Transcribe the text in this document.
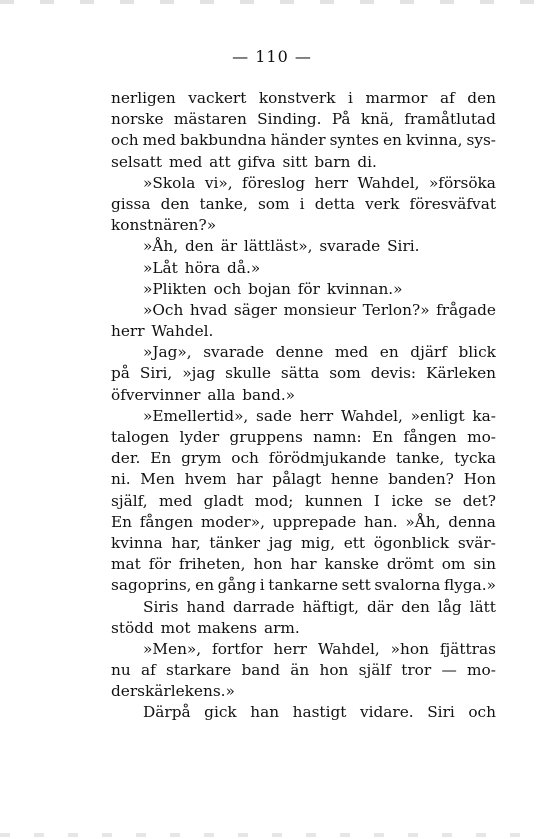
— 110 —
nerligen vackert konstverk i marmor af den
norske mästaren Sinding. På knä, framåtlutad
och med bakbundna händer syntes en kvinna, sys-
selsatt med att gifva sitt barn di.
»Skola vi», föreslog herr Wahdel, »försöka
gissa den tanke, som i detta verk föresväfvat
konstnären?»
»Åh, den är lättläst», svarade Siri.
»Låt höra då.»
»Plikten och bojan för kvinnan.»
»Och hvad säger monsieur Terlon?» frågade
herr Wahdel.
»Jag», svarade denne med en djärf blick
på Siri, »jag skulle sätta som devis: Kärleken
öfvervinner alla band.»
»Emellertid», sade herr Wahdel, »enligt ka-
talogen lyder gruppens namn: En fången mo-
der. En grym och förödmjukande tanke, tycka
ni. Men hvem har pålagt henne banden? Hon
själf, med gladt mod; kunnen I icke se det?
En fången moder», upprepade han. »Åh, denna
kvinna har, tänker jag mig, ett ögonblick svär-
mat för friheten, hon har kanske drömt om sin
sagoprins, en gång i tankarne sett svalorna flyga.»
Siris hand darrade häftigt, där den låg lätt
stödd mot makens arm.
»Men», fortfor herr Wahdel, »hon fjättras
nu af starkare band än hon själf tror — mo-
derskärlekens.»
Därpå gick han hastigt vidare. Siri och
